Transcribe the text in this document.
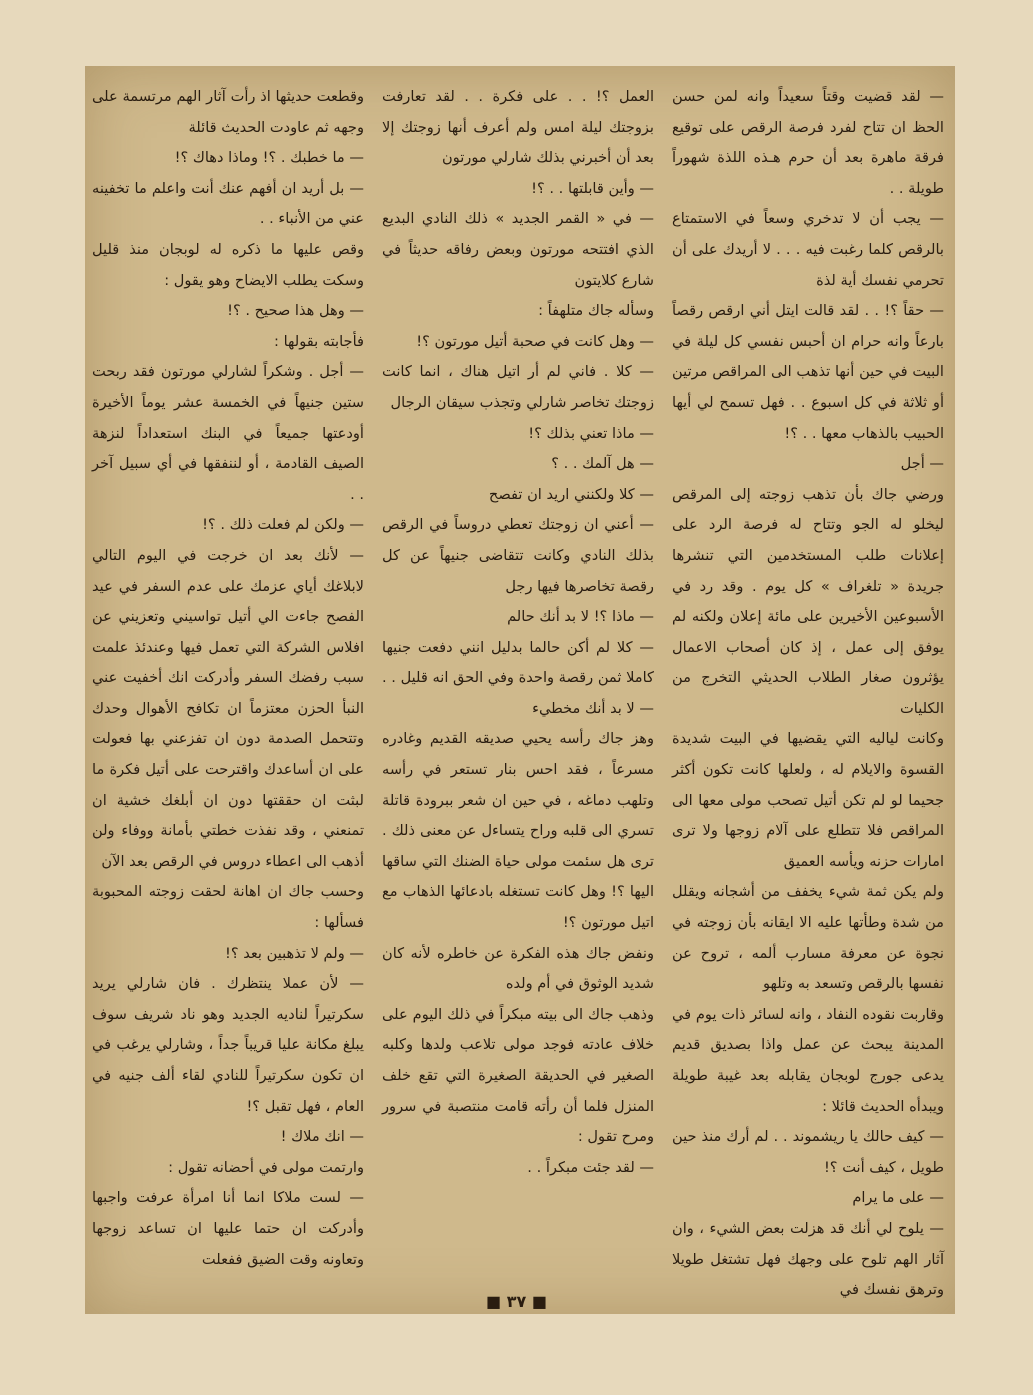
— لقد قضيت وقتاً سعيداً وانه لمن حسن الحظ ان تتاح لفرد فرصة الرقص على توقيع فرقة ماهرة بعد أن حرم هـذه اللذة شهوراً طويلة . .

— يجب أن لا تدخري وسعاً في الاستمتاع بالرقص كلما رغبت فيه . . . لا أريدك على أن تحرمي نفسك أية لذة

— حقاً ؟! . . لقد قالت ايتل أني ارقص رقصاً بارعاً وانه حرام ان أحبس نفسي كل ليلة في البيت في حين أنها تذهب الى المراقص مرتين أو ثلاثة في كل اسبوع . . فهل تسمح لي أيها الحبيب بالذهاب معها . . ؟!

— أجل

ورضي جاك بأن تذهب زوجته إلى المرقص ليخلو له الجو وتتاح له فرصة الرد على إعلانات طلب المستخدمين التي تنشرها جريدة « تلغراف » كل يوم . وقد رد في الأسبوعين الأخيرين على مائة إعلان ولكنه لم يوفق إلى عمل ، إذ كان أصحاب الاعمال يؤثرون صغار الطلاب الحديثي التخرج من الكليات

وكانت لياليه التي يقضيها في البيت شديدة القسوة والايلام له ، ولعلها كانت تكون أكثر جحيما لو لم تكن أتيل تصحب مولى معها الى المراقص فلا تتطلع على آلام زوجها ولا ترى امارات حزنه ويأسه العميق

ولم يكن ثمة شيء يخفف من أشجانه ويقلل من شدة وطأتها عليه الا ايقانه بأن زوجته في نجوة عن معرفة مسارب ألمه ، تروح عن نفسها بالرقص وتسعد به وتلهو

وقاربت نقوده النفاد ، وانه لسائر ذات يوم في المدينة يبحث عن عمل واذا بصديق قديم يدعى جورج لوبجان يقابله بعد غيبة طويلة ويبدأه الحديث قائلا :

— كيف حالك يا ريشموند . . لم أرك منذ حين طويل ، كيف أنت ؟!

— على ما يرام

— يلوح لي أنك قد هزلت بعض الشيء ، وان آثار الهم تلوح على وجهك فهل تشتغل طويلا وترهق نفسك في

العمل ؟! . . على فكرة . . لقد تعارفت بزوجتك ليلة امس ولم أعرف أنها زوجتك إلا بعد أن أخبرني بذلك شارلي مورتون

— وأين قابلتها . . ؟!

— في « القمر الجديد » ذلك النادي البديع الذي افتتحه مورتون وبعض رفاقه حديثاً في شارع كلايتون

وسأله جاك متلهفاً :

— وهل كانت في صحبة أتيل مورتون ؟!

— كلا . فاني لم أر اتيل هناك ، انما كانت زوجتك تخاصر شارلي وتجذب سيقان الرجال

— ماذا تعني بذلك ؟!

— هل آلمك . . ؟

— كلا ولكنني اريد ان تفصح

— أعني ان زوجتك تعطي دروساً في الرقص بذلك النادي وكانت تتقاضى جنيهاً عن كل رقصة تخاصرها فيها رجل

— ماذا ؟! لا بد أنك حالم

— كلا لم أكن حالما بدليل انني دفعت جنيها كاملا ثمن رقصة واحدة وفي الحق انه قليل . .

— لا بد أنك مخطيء

وهز جاك رأسه يحيي صديقه القديم وغادره مسرعاً ، فقد احس بنار تستعر في رأسه وتلهب دماغه ، في حين ان شعر ببرودة قاتلة تسري الى قلبه وراح يتساءل عن معنى ذلك . ترى هل سئمت مولى حياة الضنك التي ساقها اليها ؟! وهل كانت تستغله بادعائها الذهاب مع اتيل مورتون ؟!

ونفض جاك هذه الفكرة عن خاطره لأنه كان شديد الوثوق في أم ولده

وذهب جاك الى بيته مبكراً في ذلك اليوم على خلاف عادته فوجد مولى تلاعب ولدها وكلبه الصغير في الحديقة الصغيرة التي تقع خلف المنزل فلما أن رأته قامت منتصبة في سرور ومرح تقول :

— لقد جئت مبكراً . .

وقطعت حديثها اذ رأت آثار الهم مرتسمة على وجهه ثم عاودت الحديث قائلة

— ما خطبك . ؟! وماذا دهاك ؟!

— بل أريد ان أفهم عنك أنت واعلم ما تخفينه عني من الأنباء . .

وقص عليها ما ذكره له لوبجان منذ قليل وسكت يطلب الايضاح وهو يقول :

— وهل هذا صحيح . ؟!

فأجابته بقولها :

— أجل . وشكراً لشارلي مورتون فقد ربحت ستين جنيهاً في الخمسة عشر يوماً الأخيرة أودعتها جميعاً في البنك استعداداً لنزهة الصيف القادمة ، أو لننفقها في أي سبيل آخر . .

— ولكن لم فعلت ذلك . ؟!

— لأنك بعد ان خرجت في اليوم التالي لابلاغك أياي عزمك على عدم السفر في عيد الفصح جاءت الي أتيل تواسيني وتعزيني عن افلاس الشركة التي تعمل فيها وعندئذ علمت سبب رفضك السفر وأدركت انك أخفيت عني النبأ الحزن معتزماً ان تكافح الأهوال وحدك وتتحمل الصدمة دون ان تفزعني بها فعولت على ان أساعدك واقترحت على أتيل فكرة ما لبثت ان حققتها دون ان أبلغك خشية ان تمنعني ، وقد نفذت خطتي بأمانة ووفاء ولن أذهب الى اعطاء دروس في الرقص بعد الآن

وحسب جاك ان اهانة لحقت زوجته المحبوبة فسألها :

— ولم لا تذهبين بعد ؟!

— لأن عملا ينتظرك . فان شارلي يريد سكرتيراً لناديه الجديد وهو ناد شريف سوف يبلغ مكانة عليا قريباً جداً ، وشارلي يرغب في ان تكون سكرتيراً للنادي لقاء ألف جنيه في العام ، فهل تقبل ؟!

— انك ملاك !

وارتمت مولى في أحضانه تقول :

— لست ملاكا انما أنا امرأة عرفت واجبها وأدركت ان حتما عليها ان تساعد زوجها وتعاونه وقت الضيق ففعلت

■ ٣٧ ■
